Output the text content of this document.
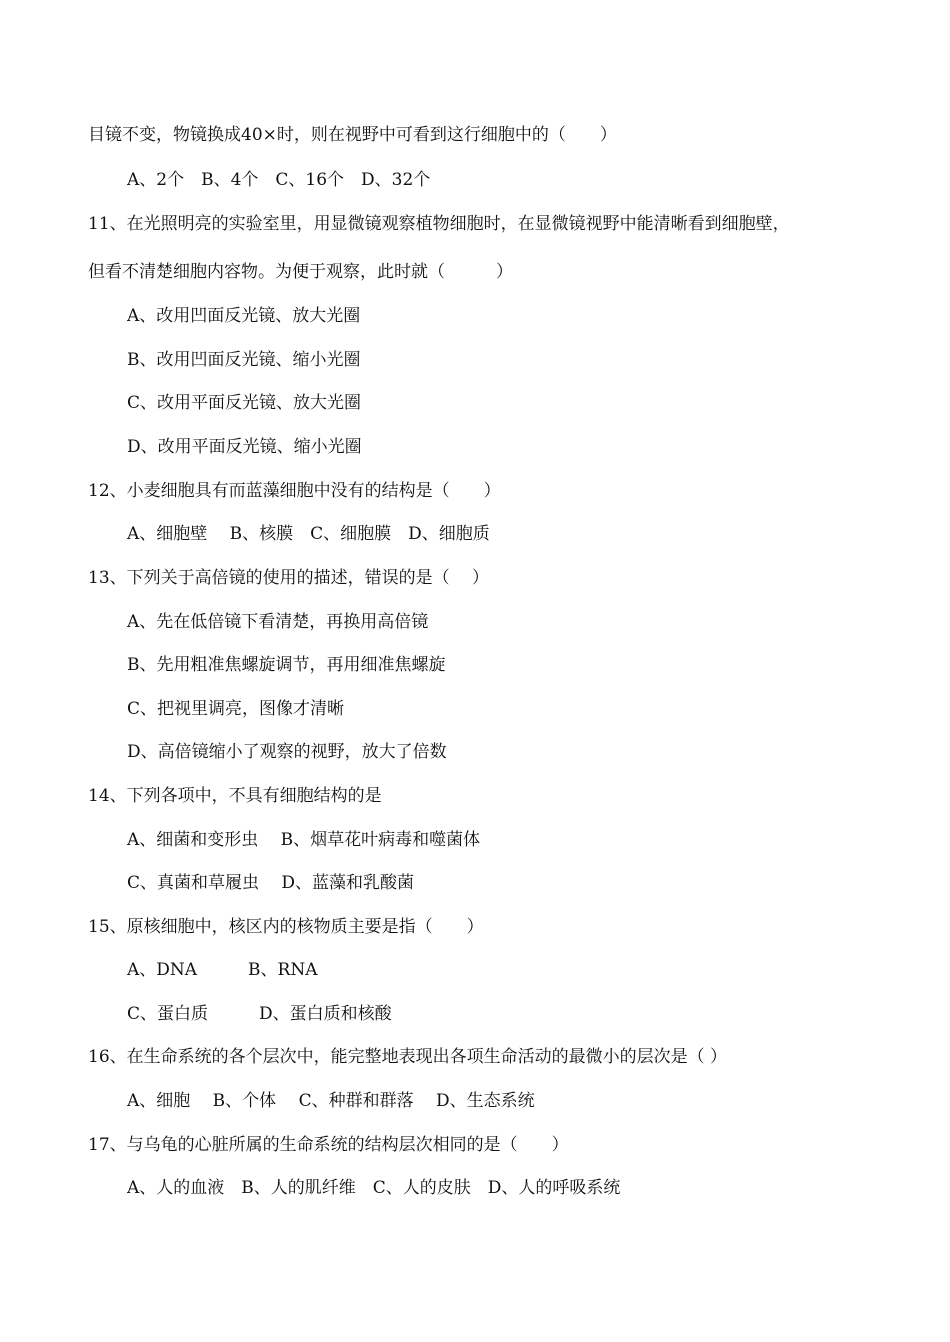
目镜不变，物镜换成40×时，则在视野中可看到这行细胞中的（　　）
A、2个　B、4个　C、16个　D、32个
11、在光照明亮的实验室里，用显微镜观察植物细胞时，在显微镜视野中能清晰看到细胞壁，
但看不清楚细胞内容物。为便于观察，此时就（　　　）
A、改用凹面反光镜、放大光圈
B、改用凹面反光镜、缩小光圈
C、改用平面反光镜、放大光圈
D、改用平面反光镜、缩小光圈
12、小麦细胞具有而蓝藻细胞中没有的结构是（　　）
A、细胞壁　 B、核膜　C、细胞膜　D、细胞质
13、下列关于高倍镜的使用的描述，错误的是（　 ）
A、先在低倍镜下看清楚，再换用高倍镜
B、先用粗准焦螺旋调节，再用细准焦螺旋
C、把视里调亮，图像才清晰
D、高倍镜缩小了观察的视野，放大了倍数
14、下列各项中，不具有细胞结构的是
A、细菌和变形虫　 B、烟草花叶病毒和噬菌体
C、真菌和草履虫　 D、蓝藻和乳酸菌
15、原核细胞中，核区内的核物质主要是指（　　）
A、DNA　　　B、RNA
C、蛋白质　　　D、蛋白质和核酸
16、在生命系统的各个层次中，能完整地表现出各项生命活动的最微小的层次是（ ）
A、细胞　 B、个体　 C、种群和群落　 D、生态系统
17、与乌龟的心脏所属的生命系统的结构层次相同的是（　　）
A、人的血液　B、人的肌纤维　C、人的皮肤　D、人的呼吸系统
